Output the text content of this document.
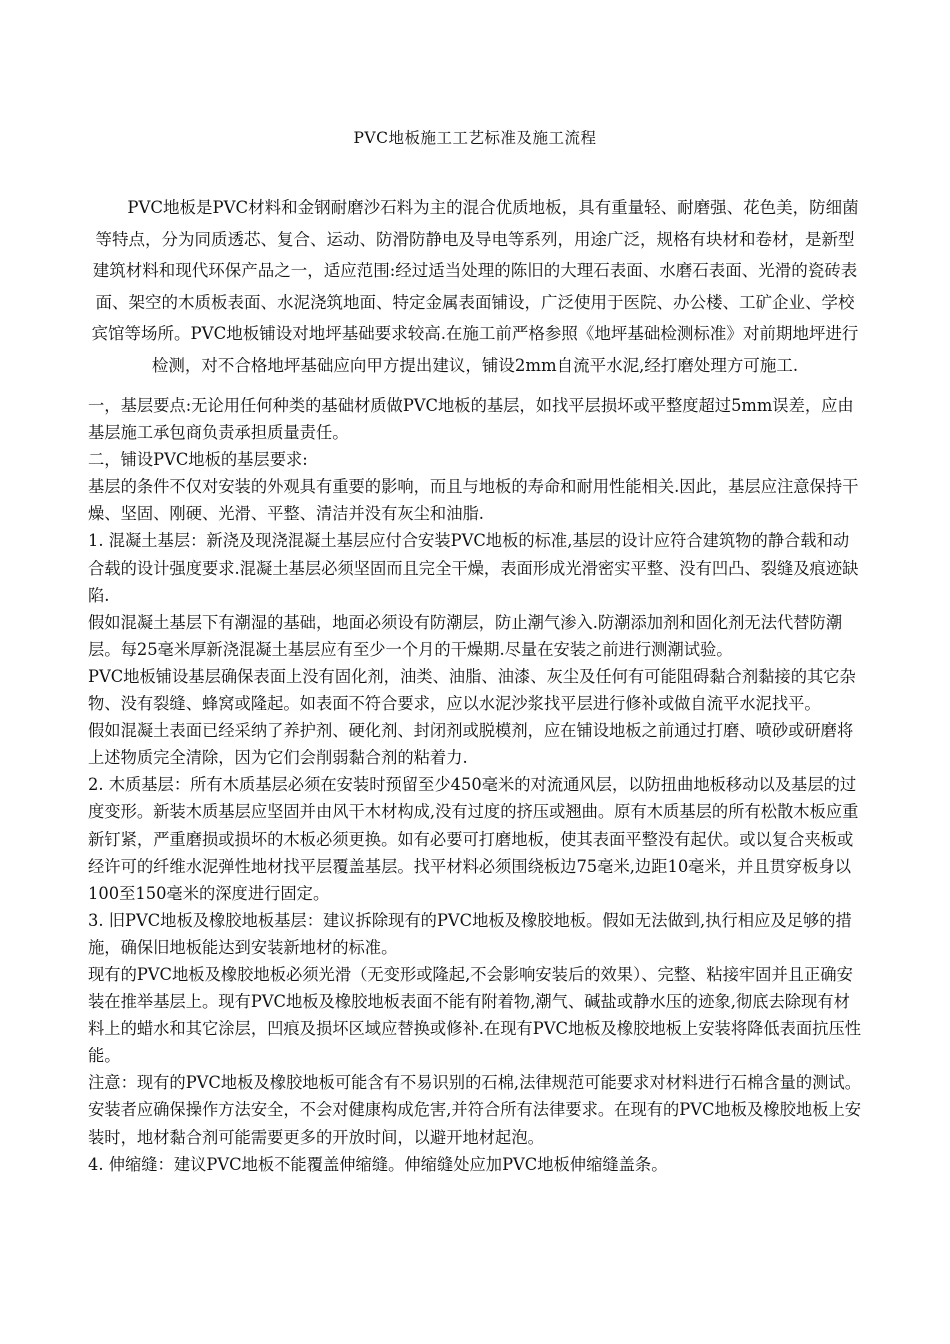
PVC地板施工工艺标准及施工流程

PVC地板是PVC材料和金钢耐磨沙石料为主的混合优质地板，具有重量轻、耐磨强、花色美，防细菌等特点，分为同质透芯、复合、运动、防滑防静电及导电等系列，用途广泛，规格有块材和卷材，是新型建筑材料和现代环保产品之一，适应范围:经过适当处理的陈旧的大理石表面、水磨石表面、光滑的瓷砖表面、架空的木质板表面、水泥浇筑地面、特定金属表面铺设，广泛使用于医院、办公楼、工矿企业、学校宾馆等场所。PVC地板铺设对地坪基础要求较高.在施工前严格参照《地坪基础检测标准》对前期地坪进行检测，对不合格地坪基础应向甲方提出建议，铺设2mm自流平水泥,经打磨处理方可施工.

一，基层要点:无论用任何种类的基础材质做PVC地板的基层，如找平层损坏或平整度超过5mm误差，应由基层施工承包商负责承担质量责任。

二，铺设PVC地板的基层要求:

基层的条件不仅对安装的外观具有重要的影响，而且与地板的寿命和耐用性能相关.因此，基层应注意保持干燥、坚固、刚硬、光滑、平整、清洁并没有灰尘和油脂.

1. 混凝土基层：新浇及现浇混凝土基层应付合安装PVC地板的标准,基层的设计应符合建筑物的静合载和动合载的设计强度要求.混凝土基层必须坚固而且完全干燥，表面形成光滑密实平整、没有凹凸、裂缝及痕迹缺陷.

假如混凝土基层下有潮湿的基础，地面必须设有防潮层，防止潮气渗入.防潮添加剂和固化剂无法代替防潮层。每25毫米厚新浇混凝土基层应有至少一个月的干燥期.尽量在安装之前进行测潮试验。

PVC地板铺设基层确保表面上没有固化剂，油类、油脂、油漆、灰尘及任何有可能阻碍黏合剂黏接的其它杂物、没有裂缝、蜂窝或隆起。如表面不符合要求，应以水泥沙浆找平层进行修补或做自流平水泥找平。

假如混凝土表面已经采纳了养护剂、硬化剂、封闭剂或脱模剂，应在铺设地板之前通过打磨、喷砂或研磨将上述物质完全清除，因为它们会削弱黏合剂的粘着力.

2. 木质基层：所有木质基层必须在安装时预留至少450毫米的对流通风层，以防扭曲地板移动以及基层的过度变形。新装木质基层应坚固并由风干木材构成,没有过度的挤压或翘曲。原有木质基层的所有松散木板应重新钉紧，严重磨损或损坏的木板必须更换。如有必要可打磨地板，使其表面平整没有起伏。或以复合夹板或经许可的纤维水泥弹性地材找平层覆盖基层。找平材料必须围绕板边75毫米,边距10毫米，并且贯穿板身以100至150毫米的深度进行固定。

3. 旧PVC地板及橡胶地板基层：建议拆除现有的PVC地板及橡胶地板。假如无法做到,执行相应及足够的措施，确保旧地板能达到安装新地材的标准。

现有的PVC地板及橡胶地板必须光滑（无变形或隆起,不会影响安装后的效果）、完整、粘接牢固并且正确安装在推举基层上。现有PVC地板及橡胶地板表面不能有附着物,潮气、碱盐或静水压的迹象,彻底去除现有材料上的蜡水和其它涂层，凹痕及损坏区域应替换或修补.在现有PVC地板及橡胶地板上安装将降低表面抗压性能。

注意：现有的PVC地板及橡胶地板可能含有不易识别的石棉,法律规范可能要求对材料进行石棉含量的测试。安装者应确保操作方法安全，不会对健康构成危害,并符合所有法律要求。在现有的PVC地板及橡胶地板上安装时，地材黏合剂可能需要更多的开放时间，以避开地材起泡。

4. 伸缩缝：建议PVC地板不能覆盖伸缩缝。伸缩缝处应加PVC地板伸缩缝盖条。
